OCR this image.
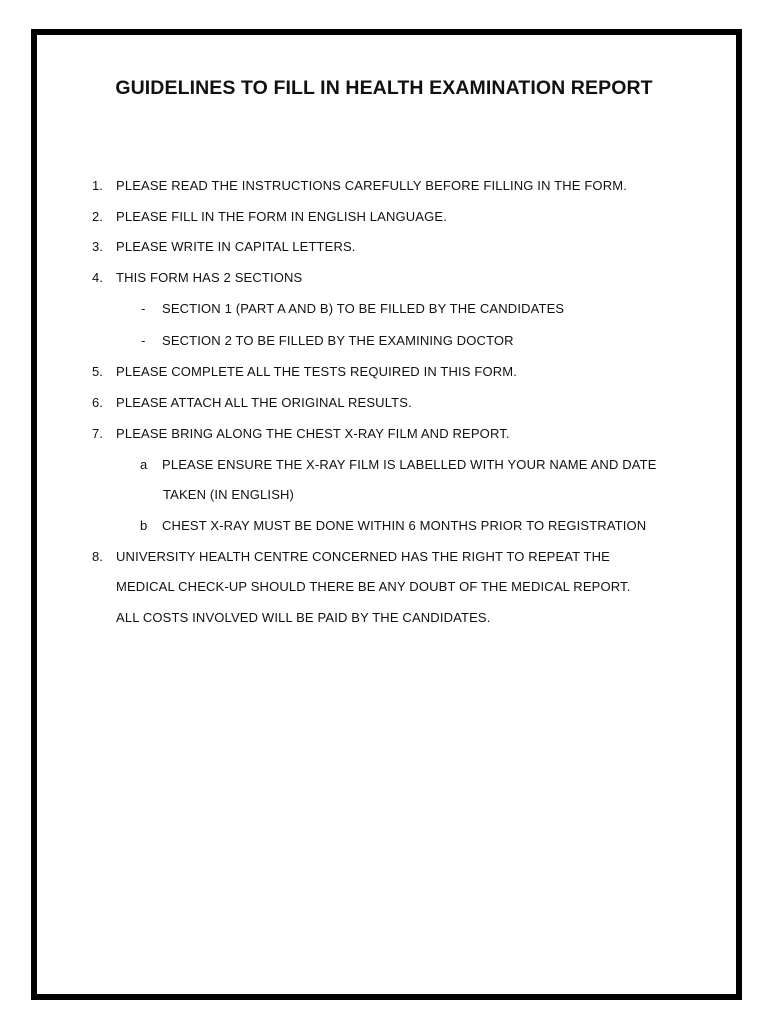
GUIDELINES TO FILL IN HEALTH EXAMINATION REPORT
1. PLEASE READ THE INSTRUCTIONS CAREFULLY BEFORE FILLING IN THE FORM.
2. PLEASE FILL IN THE FORM IN ENGLISH LANGUAGE.
3. PLEASE WRITE IN CAPITAL LETTERS.
4. THIS FORM HAS 2 SECTIONS
- SECTION 1 (PART A AND B) TO BE FILLED BY THE CANDIDATES
- SECTION 2 TO BE FILLED BY THE EXAMINING DOCTOR
5. PLEASE COMPLETE ALL THE TESTS REQUIRED IN THIS FORM.
6. PLEASE ATTACH ALL THE ORIGINAL RESULTS.
7. PLEASE BRING ALONG THE CHEST X-RAY FILM AND REPORT.
a PLEASE ENSURE THE X-RAY FILM IS LABELLED WITH YOUR NAME AND DATE
TAKEN (IN ENGLISH)
b CHEST X-RAY MUST BE DONE WITHIN 6 MONTHS PRIOR TO REGISTRATION
8. UNIVERSITY HEALTH CENTRE CONCERNED HAS THE RIGHT TO REPEAT THE
MEDICAL CHECK-UP SHOULD THERE BE ANY DOUBT OF THE MEDICAL REPORT.
ALL COSTS INVOLVED WILL BE PAID BY THE CANDIDATES.
